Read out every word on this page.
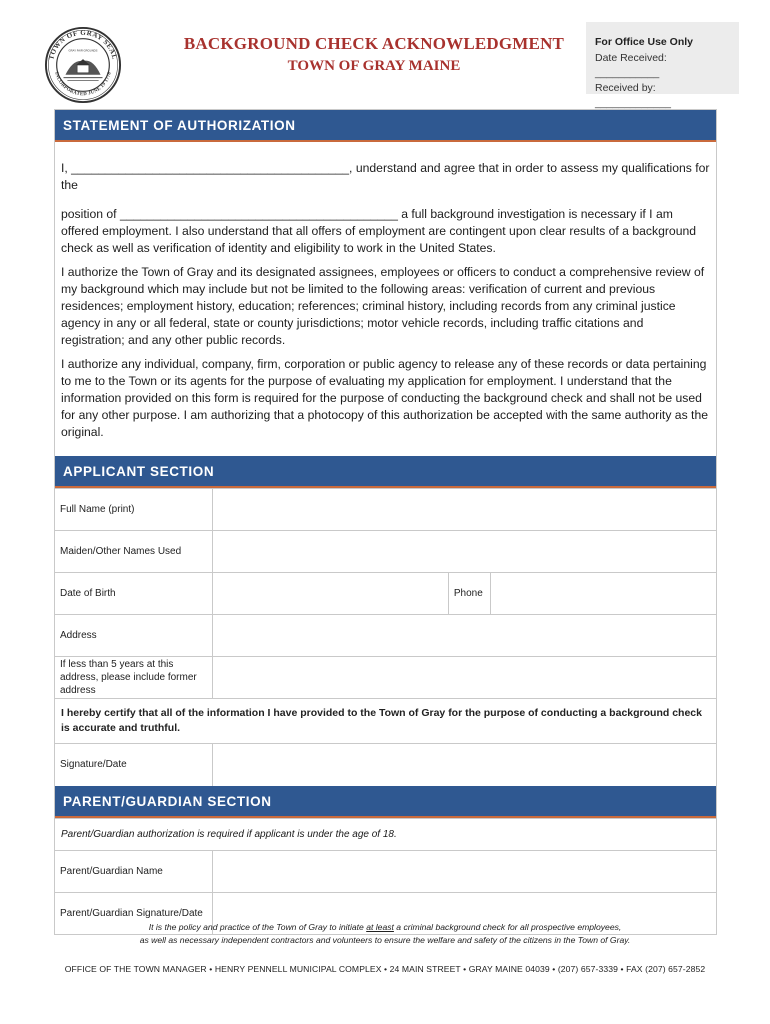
TOWN OF GRAY SEAL
INCORPORATED JUNE 19 1778
GRAY FAIR GROUNDS	BACKGROUND CHECK ACKNOWLEDGMENT
TOWN OF GRAY MAINE
For Office Use Only
Date Received: ___________
Received by: _____________
STATEMENT OF AUTHORIZATION

I, _________________________________________, understand and agree that in order to assess my qualifications for the

position of _________________________________________ a full background investigation is necessary if I am offered employment. I also understand that all offers of employment are contingent upon clear results of a background check as well as verification of identity and eligibility to work in the United States.

I authorize the Town of Gray and its designated assignees, employees or officers to conduct a comprehensive review of my background which may include but not be limited to the following areas: verification of current and previous residences; employment history, education; references; criminal history, including records from any criminal justice agency in any or all federal, state or county jurisdictions; motor vehicle records, including traffic citations and registration; and any other public records.

I authorize any individual, company, firm, corporation or public agency to release any of these records or data pertaining to me to the Town or its agents for the purpose of evaluating my application for employment. I understand that the information provided on this form is required for the purpose of conducting the background check and shall not be used for any other purpose. I am authorizing that a photocopy of this authorization be accepted with the same authority as the original.

APPLICANT SECTION
Full Name (print)			
Maiden/Other Names Used			
Date of Birth		Phone	
Address			
If less than 5 years at this address, please include former address			
I hereby certify that all of the information I have provided to the Town of Gray for the purpose of conducting a background check is accurate and truthful.			
Signature/Date			
PARENT/GUARDIAN SECTION
Parent/Guardian authorization is required if applicant is under the age of 18.
Parent/Guardian Name	
Parent/Guardian Signature/Date	
It is the policy and practice of the Town of Gray to initiate at least a criminal background check for all prospective employees,
as well as necessary independent contractors and volunteers to ensure the welfare and safety of the citizens in the Town of Gray.
OFFICE OF THE TOWN MANAGER • HENRY PENNELL MUNICIPAL COMPLEX • 24 MAIN STREET • GRAY MAINE 04039 • (207) 657-3339 • FAX (207) 657-2852
